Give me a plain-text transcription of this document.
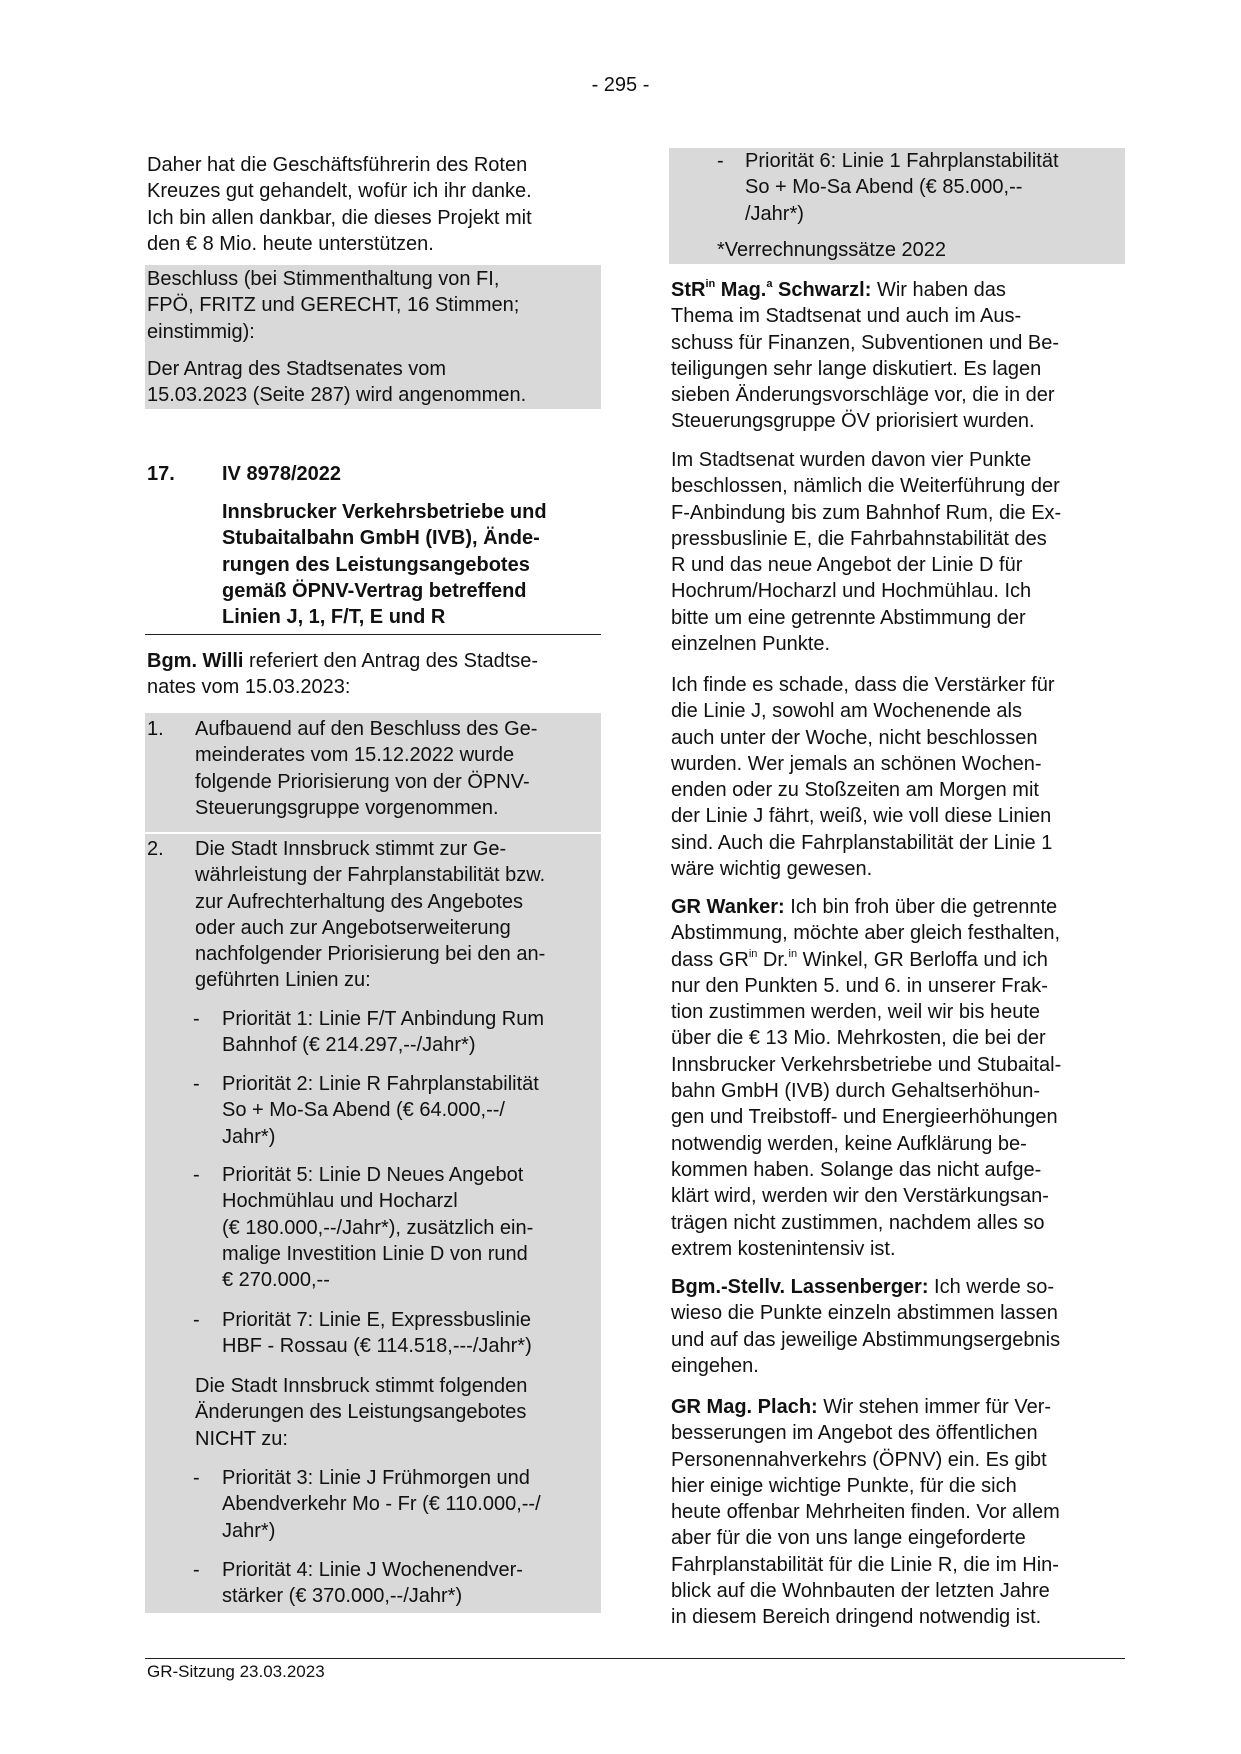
- 295 -
Daher hat die Geschäftsführerin des Roten
Kreuzes gut gehandelt, wofür ich ihr danke.
Ich bin allen dankbar, die dieses Projekt mit
den € 8 Mio. heute unterstützen.
Beschluss (bei Stimmenthaltung von FI,
FPÖ, FRITZ und GERECHT, 16 Stimmen;
einstimmig):
Der Antrag des Stadtsenates vom
15.03.2023 (Seite 287) wird angenommen.
17. IV 8978/2022
Innsbrucker Verkehrsbetriebe und
Stubaitalbahn GmbH (IVB), Ände-
rungen des Leistungsangebotes
gemäß ÖPNV-Vertrag betreffend
Linien J, 1, F/T, E und R
Bgm. Willi referiert den Antrag des Stadtse-
nates vom 15.03.2023:
1. Aufbauend auf den Beschluss des Ge-
meinderates vom 15.12.2022 wurde
folgende Priorisierung von der ÖPNV-
Steuerungsgruppe vorgenommen.
2. Die Stadt Innsbruck stimmt zur Ge-
währleistung der Fahrplanstabilität bzw.
zur Aufrechterhaltung des Angebotes
oder auch zur Angebotserweiterung
nachfolgender Priorisierung bei den an-
geführten Linien zu:
- Priorität 1: Linie F/T Anbindung Rum
Bahnhof (€ 214.297,--/Jahr*)
- Priorität 2: Linie R Fahrplanstabilität
So + Mo-Sa Abend (€ 64.000,--/
Jahr*)
- Priorität 5: Linie D Neues Angebot
Hochmühlau und Hocharzl
(€ 180.000,--/Jahr*), zusätzlich ein-
malige Investition Linie D von rund
€ 270.000,--
- Priorität 7: Linie E, Expressbuslinie
HBF - Rossau (€ 114.518,---/Jahr*)
Die Stadt Innsbruck stimmt folgenden
Änderungen des Leistungsangebotes
NICHT zu:
- Priorität 3: Linie J Frühmorgen und
Abendverkehr Mo - Fr (€ 110.000,--/
Jahr*)
- Priorität 4: Linie J Wochenendver-
stärker (€ 370.000,--/Jahr*)
- Priorität 6: Linie 1 Fahrplanstabilität
So + Mo-Sa Abend (€ 85.000,--
/Jahr*)
*Verrechnungssätze 2022
StR$^{in}$ Mag.$^a$ Schwarzl: Wir haben das
Thema im Stadtsenat und auch im Aus-
schuss für Finanzen, Subventionen und Be-
teiligungen sehr lange diskutiert. Es lagen
sieben Änderungsvorschläge vor, die in der
Steuerungsgruppe ÖV priorisiert wurden.
Im Stadtsenat wurden davon vier Punkte
beschlossen, nämlich die Weiterführung der
F-Anbindung bis zum Bahnhof Rum, die Ex-
pressbuslinie E, die Fahrbahnstabilität des
R und das neue Angebot der Linie D für
Hochrum/Hocharzl und Hochmühlau. Ich
bitte um eine getrennte Abstimmung der
einzelnen Punkte.
Ich finde es schade, dass die Verstärker für
die Linie J, sowohl am Wochenende als
auch unter der Woche, nicht beschlossen
wurden. Wer jemals an schönen Wochen-
enden oder zu Stoßzeiten am Morgen mit
der Linie J fährt, weiß, wie voll diese Linien
sind. Auch die Fahrplanstabilität der Linie 1
wäre wichtig gewesen.
GR Wanker: Ich bin froh über die getrennte
Abstimmung, möchte aber gleich festhalten,
dass $GR^{in}$ Dr.$^{in}$ Winkel, GR Berloffa und ich
nur den Punkten 5. und 6. in unserer Frak-
tion zustimmen werden, weil wir bis heute
über die € 13 Mio. Mehrkosten, die bei der
Innsbrucker Verkehrsbetriebe und Stubaital-
bahn GmbH (IVB) durch Gehaltserhöhun-
gen und Treibstoff- und Energieerhöhungen
notwendig werden, keine Aufklärung be-
kommen haben. Solange das nicht aufge-
klärt wird, werden wir den Verstärkungsan-
trägen nicht zustimmen, nachdem alles so
extrem kostenintensiv ist.
Bgm.-Stellv. Lassenberger: Ich werde so-
wieso die Punkte einzeln abstimmen lassen
und auf das jeweilige Abstimmungsergebnis
eingehen.
GR Mag. Plach: Wir stehen immer für Ver-
besserungen im Angebot des öffentlichen
Personennahverkehrs (ÖPNV) ein. Es gibt
hier einige wichtige Punkte, für die sich
heute offenbar Mehrheiten finden. Vor allem
aber für die von uns lange eingeforderte
Fahrplanstabilität für die Linie R, die im Hin-
blick auf die Wohnbauten der letzten Jahre
in diesem Bereich dringend notwendig ist.
GR-Sitzung 23.03.2023
